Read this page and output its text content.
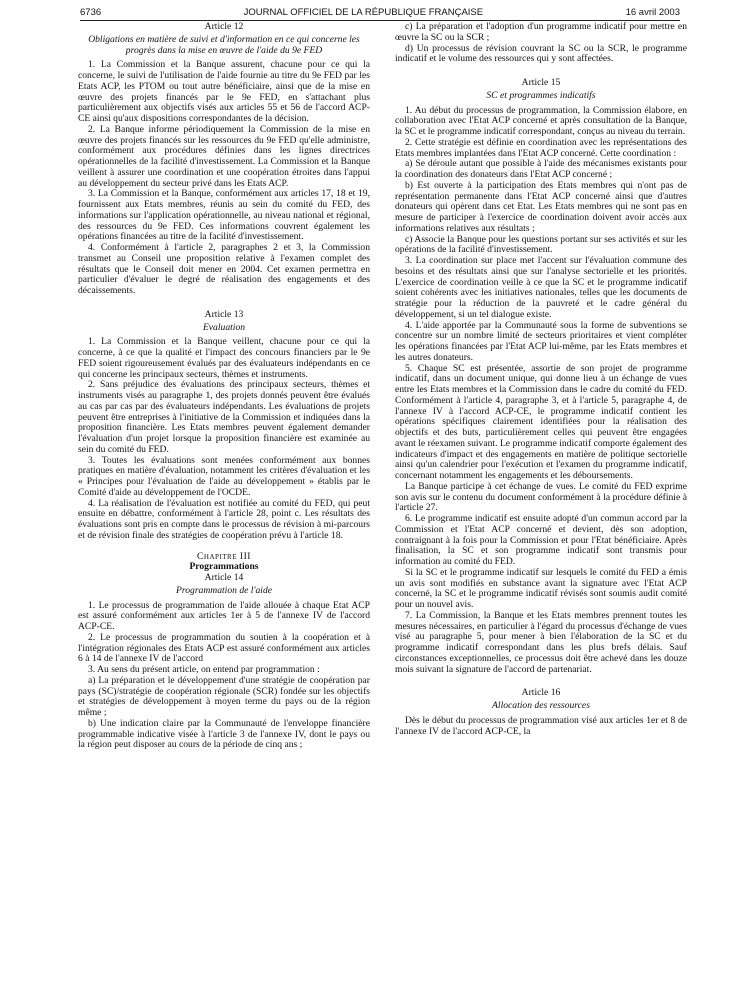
6736	JOURNAL OFFICIEL DE LA RÉPUBLIQUE FRANÇAISE	16 avril 2003
Article 12
Obligations en matière de suivi et d'information en ce qui concerne les progrès dans la mise en œuvre de l'aide du 9e FED

1. La Commission et la Banque assurent, chacune pour ce qui la concerne, le suivi de l'utilisation de l'aide fournie au titre du 9e FED par les Etats ACP, les PTOM ou tout autre bénéficiaire, ainsi que de la mise en œuvre des projets financés par le 9e FED, en s'attachant plus particulièrement aux objectifs visés aux articles 55 et 56 de l'accord ACP-CE ainsi qu'aux dispositions correspondantes de la décision.

2. La Banque informe périodiquement la Commission de la mise en œuvre des projets financés sur les ressources du 9e FED qu'elle administre, conformément aux procédures définies dans les lignes directrices opérationnelles de la facilité d'investissement. La Commission et la Banque veillent à assurer une coordination et une coopération étroites dans l'appui au développement du secteur privé dans les Etats ACP.

3. La Commission et la Banque, conformément aux articles 17, 18 et 19, fournissent aux Etats membres, réunis au sein du comité du FED, des informations sur l'application opérationnelle, au niveau national et régional, des ressources du 9e FED. Ces informations couvrent également les opérations financées au titre de la facilité d'investissement.

4. Conformément à l'article 2, paragraphes 2 et 3, la Commission transmet au Conseil une proposition relative à l'examen complet des résultats que le Conseil doit mener en 2004. Cet examen permettra en particulier d'évaluer le degré de réalisation des engagements et des décaissements.

Article 13
Evaluation

1. La Commission et la Banque veillent, chacune pour ce qui la concerne, à ce que la qualité et l'impact des concours financiers par le 9e FED soient rigoureusement évalués par des évaluateurs indépendants en ce qui concerne les principaux secteurs, thèmes et instruments.

2. Sans préjudice des évaluations des principaux secteurs, thèmes et instruments visés au paragraphe 1, des projets donnés peuvent être évalués au cas par cas par des évaluateurs indépendants. Les évaluations de projets peuvent être entreprises à l'initiative de la Commission et indiquées dans la proposition financière. Les Etats membres peuvent également demander l'évaluation d'un projet lorsque la proposition financière est examinée au sein du comité du FED.

3. Toutes les évaluations sont menées conformément aux bonnes pratiques en matière d'évaluation, notamment les critères d'évaluation et les « Principes pour l'évaluation de l'aide au développement » établis par le Comité d'aide au développement de l'OCDE.

4. La réalisation de l'évaluation est notifiée au comité du FED, qui peut ensuite en débattre, conformément à l'article 28, point c. Les résultats des évaluations sont pris en compte dans le processus de révision à mi-parcours et de révision finale des stratégies de coopération prévu à l'article 18.

Chapitre III
Programmations
Article 14
Programmation de l'aide

1. Le processus de programmation de l'aide allouée à chaque Etat ACP est assuré conformément aux articles 1er à 5 de l'annexe IV de l'accord ACP-CE.

2. Le processus de programmation du soutien à la coopération et à l'intégration régionales des Etats ACP est assuré conformément aux articles 6 à 14 de l'annexe IV de l'accord

3. Au sens du présent article, on entend par programmation :

a) La préparation et le développement d'une stratégie de coopération par pays (SC)/stratégie de coopération régionale (SCR) fondée sur les objectifs et stratégies de développement à moyen terme du pays ou de la région même ;

b) Une indication claire par la Communauté de l'enveloppe financière programmable indicative visée à l'article 3 de l'annexe IV, dont le pays ou la région peut disposer au cours de la période de cinq ans ;

c) La préparation et l'adoption d'un programme indicatif pour mettre en œuvre la SC ou la SCR ;

d) Un processus de révision couvrant la SC ou la SCR, le programme indicatif et le volume des ressources qui y sont affectées.

Article 15
SC et programmes indicatifs

1. Au début du processus de programmation, la Commission élabore, en collaboration avec l'Etat ACP concerné et après consultation de la Banque, la SC et le programme indicatif correspondant, conçus au niveau du terrain.

2. Cette stratégie est définie en coordination avec les représentations des Etats membres implantées dans l'Etat ACP concerné. Cette coordination :

a) Se déroule autant que possible à l'aide des mécanismes existants pour la coordination des donateurs dans l'Etat ACP concerné ;

b) Est ouverte à la participation des Etats membres qui n'ont pas de représentation permanente dans l'Etat ACP concerné ainsi que d'autres donateurs qui opèrent dans cet Etat. Les Etats membres qui ne sont pas en mesure de participer à l'exercice de coordination doivent avoir accès aux informations relatives aux résultats ;

c) Associe la Banque pour les questions portant sur ses activités et sur les opérations de la facilité d'investissement.

3. La coordination sur place met l'accent sur l'évaluation commune des besoins et des résultats ainsi que sur l'analyse sectorielle et les priorités. L'exercice de coordination veille à ce que la SC et le programme indicatif soient cohérents avec les initiatives nationales, telles que les documents de stratégie pour la réduction de la pauvreté et le cadre général du développement, si un tel dialogue existe.

4. L'aide apportée par la Communauté sous la forme de subventions se concentre sur un nombre limité de secteurs prioritaires et vient compléter les opérations financées par l'Etat ACP lui-même, par les Etats membres et les autres donateurs.

5. Chaque SC est présentée, assortie de son projet de programme indicatif, dans un document unique, qui donne lieu à un échange de vues entre les Etats membres et la Commission dans le cadre du comité du FED. Conformément à l'article 4, paragraphe 3, et à l'article 5, paragraphe 4, de l'annexe IV à l'accord ACP-CE, le programme indicatif contient les opérations spécifiques clairement identifiées pour la réalisation des objectifs et des buts, particulièrement celles qui peuvent être engagées avant le réexamen suivant. Le programme indicatif comporte également des indicateurs d'impact et des engagements en matière de politique sectorielle ainsi qu'un calendrier pour l'exécution et l'examen du programme indicatif, concernant notamment les engagements et les déboursements.

La Banque participe à cet échange de vues. Le comité du FED exprime son avis sur le contenu du document conformément à la procédure définie à l'article 27.

6. Le programme indicatif est ensuite adopté d'un commun accord par la Commission et l'Etat ACP concerné et devient, dès son adoption, contraignant à la fois pour la Commission et pour l'Etat bénéficiaire. Après finalisation, la SC et son programme indicatif sont transmis pour information au comité du FED.

Si la SC et le programme indicatif sur lesquels le comité du FED a émis un avis sont modifiés en substance avant la signature avec l'Etat ACP concerné, la SC et le programme indicatif révisés sont soumis audit comité pour un nouvel avis.

7. La Commission, la Banque et les Etats membres prennent toutes les mesures nécessaires, en particulier à l'égard du processus d'échange de vues visé au paragraphe 5, pour mener à bien l'élaboration de la SC et du programme indicatif correspondant dans les plus brefs délais. Sauf circonstances exceptionnelles, ce processus doit être achevé dans les douze mois suivant la signature de l'accord de partenariat.

Article 16
Allocation des ressources

Dès le début du processus de programmation visé aux articles 1er et 8 de l'annexe IV de l'accord ACP-CE, la
